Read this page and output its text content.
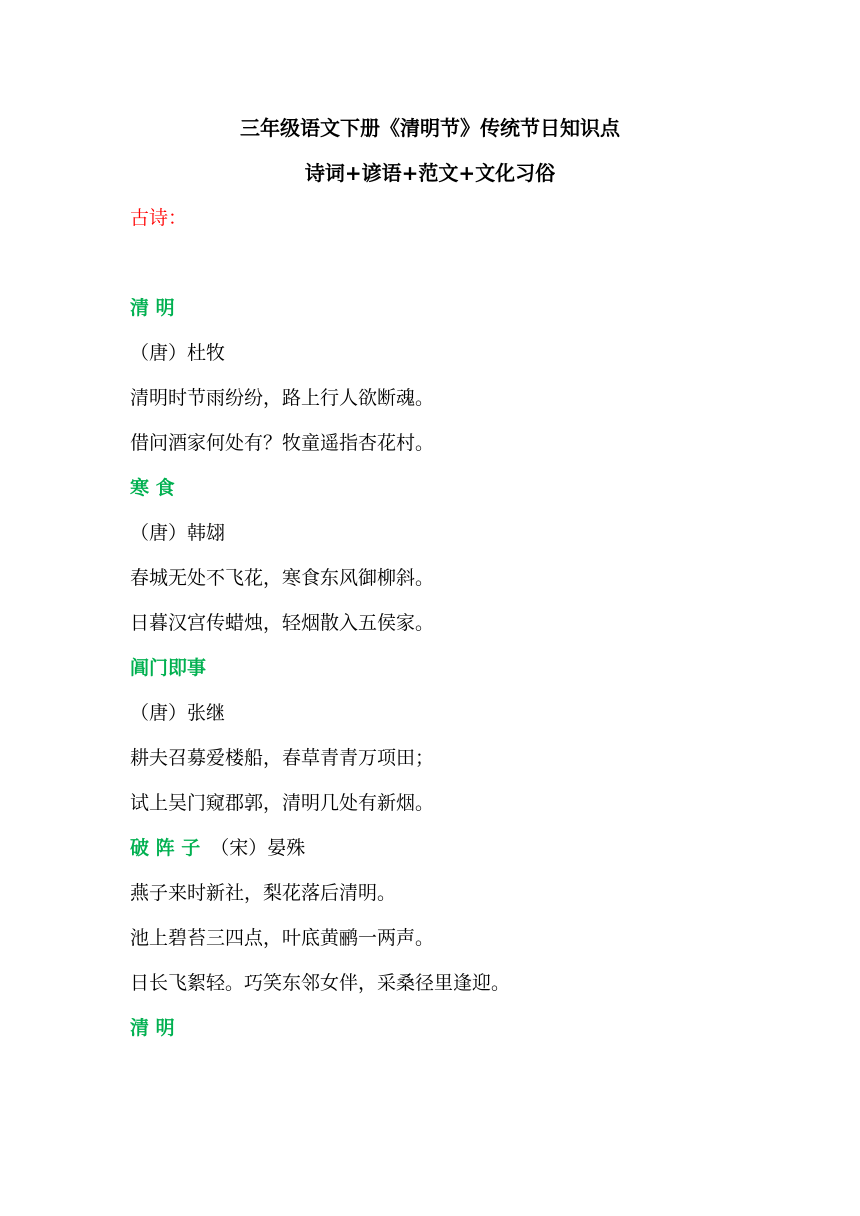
三年级语文下册《清明节》传统节日知识点
诗词+谚语+范文+文化习俗
古诗：
清 明
（唐）杜牧
清明时节雨纷纷，路上行人欲断魂。
借问酒家何处有？牧童遥指杏花村。
寒 食
（唐）韩翃
春城无处不飞花，寒食东风御柳斜。
日暮汉宫传蜡烛，轻烟散入五侯家。
阊门即事
（唐）张继
耕夫召募爱楼船，春草青青万项田；
试上吴门窥郡郭，清明几处有新烟。
破 阵 子 （宋）晏殊
燕子来时新社，梨花落后清明。
池上碧苔三四点，叶底黄鹂一两声。
日长飞絮轻。巧笑东邻女伴，采桑径里逢迎。
清 明
